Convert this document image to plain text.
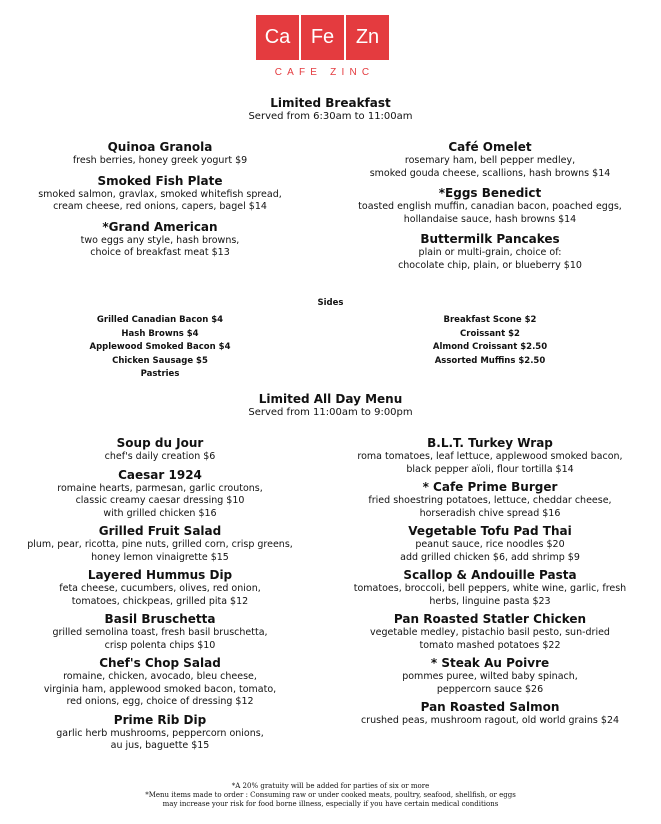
Ca	Fe	Zn
CAFE ZINC
Limited Breakfast
Served from 6:30am to 11:00am
Quinoa Granola
fresh berries, honey greek yogurt $9
Smoked Fish Plate
smoked salmon, gravlax, smoked whitefish spread,
cream cheese, red onions, capers, bagel $14
*Grand American
two eggs any style, hash browns,
choice of breakfast meat $13
Café Omelet
rosemary ham, bell pepper medley,
smoked gouda cheese, scallions, hash browns $14
*Eggs Benedict
toasted english muffin, canadian bacon, poached eggs,
hollandaise sauce, hash browns $14
Buttermilk Pancakes
plain or multi-grain, choice of:
chocolate chip, plain, or blueberry $10
Sides
Grilled Canadian Bacon $4
Hash Browns $4
Applewood Smoked Bacon $4
Chicken Sausage $5
Pastries
Breakfast Scone $2
Croissant $2
Almond Croissant $2.50
Assorted Muffins $2.50
Limited All Day Menu
Served from 11:00am to 9:00pm
Soup du Jour
chef's daily creation $6
Caesar 1924
romaine hearts, parmesan, garlic croutons,
classic creamy caesar dressing $10
with grilled chicken $16
Grilled Fruit Salad
plum, pear, ricotta, pine nuts, grilled corn, crisp greens,
honey lemon vinaigrette $15
Layered Hummus Dip
feta cheese, cucumbers, olives, red onion,
tomatoes, chickpeas, grilled pita $12
Basil Bruschetta
grilled semolina toast, fresh basil bruschetta,
crisp polenta chips $10
Chef's Chop Salad
romaine, chicken, avocado, bleu cheese,
virginia ham, applewood smoked bacon, tomato,
red onions, egg, choice of dressing $12
Prime Rib Dip
garlic herb mushrooms, peppercorn onions,
au jus, baguette $15
B.L.T. Turkey Wrap
roma tomatoes, leaf lettuce, applewood smoked bacon,
black pepper aïoli, flour tortilla $14
* Cafe Prime Burger
fried shoestring potatoes, lettuce, cheddar cheese,
horseradish chive spread $16
Vegetable Tofu Pad Thai
peanut sauce, rice noodles $20
add grilled chicken $6, add shrimp $9
Scallop & Andouille Pasta
tomatoes, broccoli, bell peppers, white wine, garlic, fresh
herbs, linguine pasta $23
Pan Roasted Statler Chicken
vegetable medley, pistachio basil pesto, sun-dried
tomato mashed potatoes $22
* Steak Au Poivre
pommes puree, wilted baby spinach,
peppercorn sauce $26
Pan Roasted Salmon
crushed peas, mushroom ragout, old world grains $24
*A 20% gratuity will be added for parties of six or more
*Menu items made to order : Consuming raw or under cooked meats, poultry, seafood, shellfish, or eggs
may increase your risk for food borne illness, especially if you have certain medical conditions
